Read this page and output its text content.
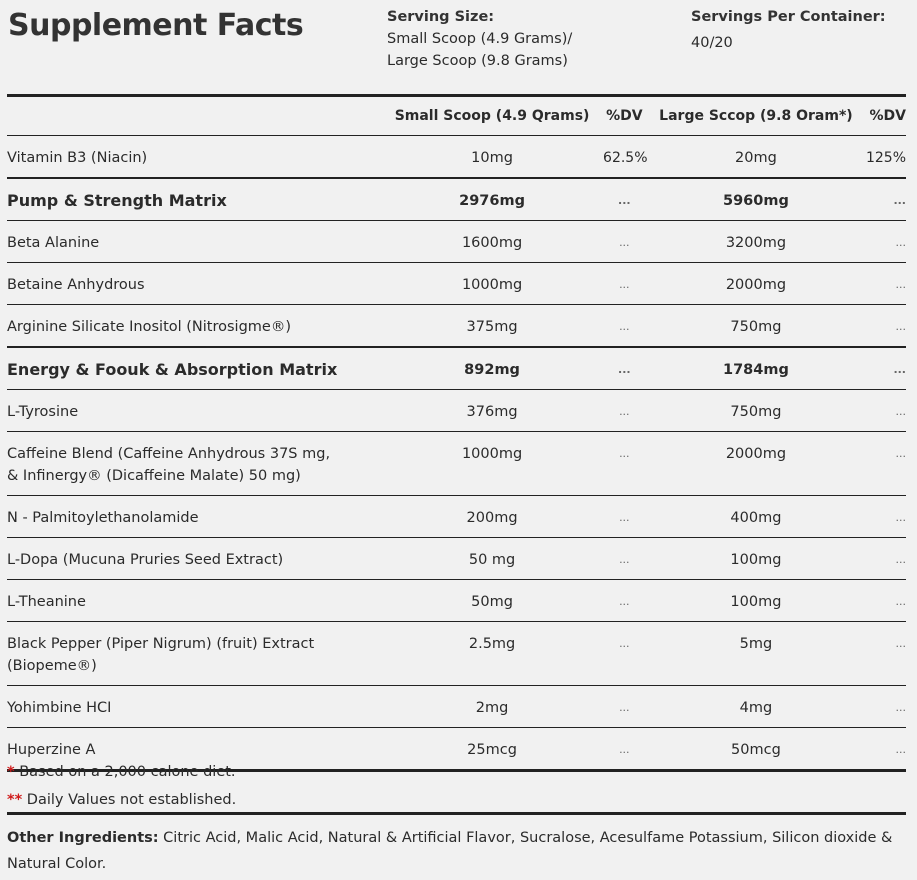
Supplement Facts	Serving Size:
Small Scoop (4.9 Grams)/
Large Scoop (9.8 Grams)
Servings Per Container:
40/20
	Small Scoop (4.9 Qrams)	%DV	Large Sccop (9.8 Oram*)	%DV
Vitamin B3 (Niacin)	10mg	62.5%	20mg	125%
Pump & Strength Matrix	2976mg	...	5960mg	...
Beta Alanine	1600mg	...	3200mg	...
Betaine Anhydrous	1000mg	...	2000mg	...
Arginine Silicate Inositol (Nitrosigme®)	375mg	...	750mg	...
Energy & Foouk & Absorption Matrix	892mg	...	1784mg	...
L-Tyrosine	376mg	...	750mg	...

Caffeine Blend (Caffeine Anhydrous 37S mg,
& Infinergy® (Dicaffeine Malate) 50 mg)	1000mg	...	2000mg	...
N - Palmitoylethanolamide	200mg	...	400mg	...
L-Dopa (Mucuna Pruries Seed Extract)	50 mg	...	100mg	...
L-Theanine	50mg	...	100mg	...

Black Pepper (Piper Nigrum) (fruit) Extract
(Biopeme®)	2.5mg	...	5mg	...
Yohimbine HCI	2mg	...	4mg	...
Huperzine A	25mcg	...	50mcg	...
* Based on a 2,000 calone diet.
** Daily Values not established.
Other Ingredients: Citric Acid, Malic Acid, Natural & Artificial Flavor, Sucralose, Acesulfame Potassium, Silicon dioxide & Natural Color.
